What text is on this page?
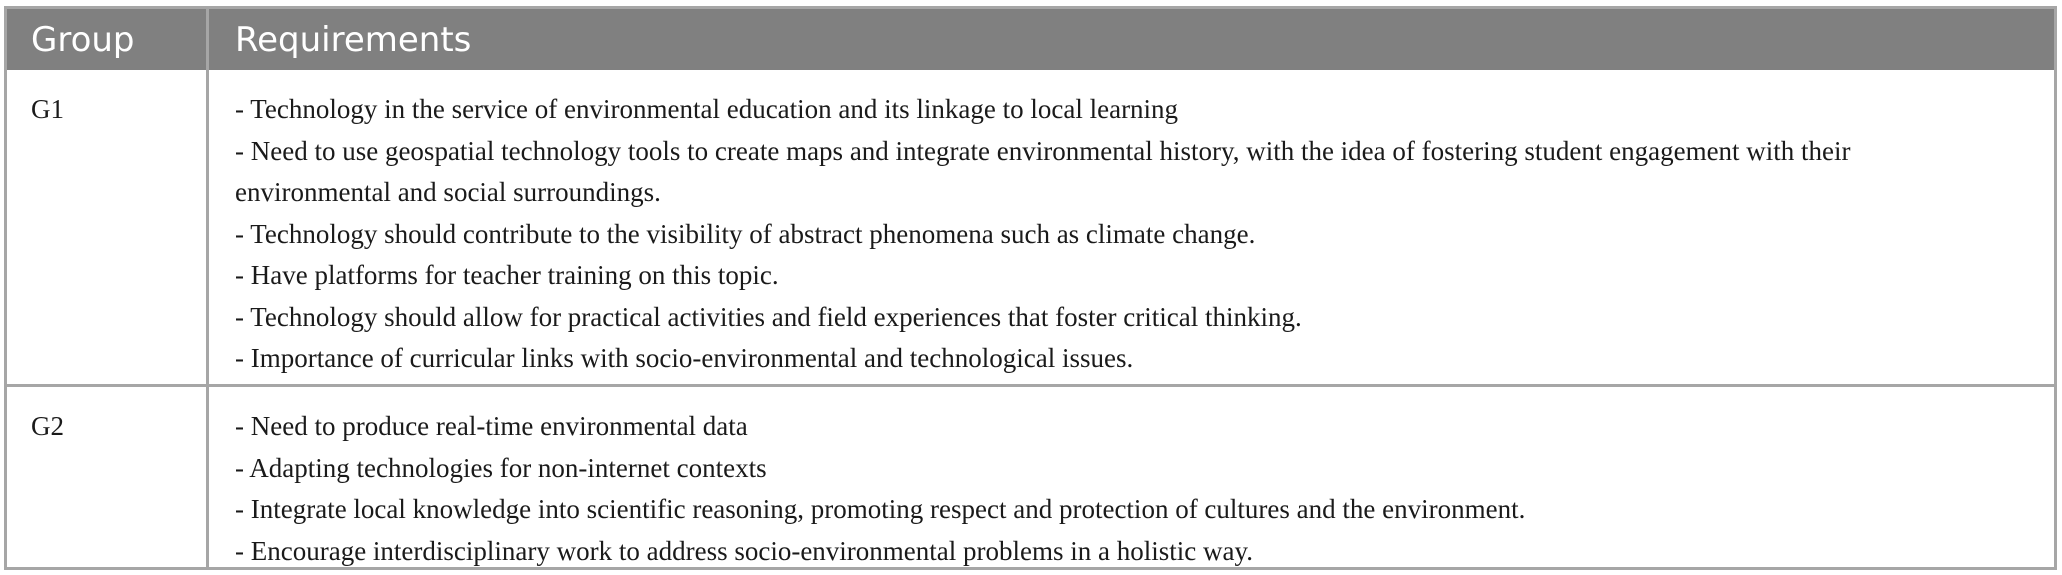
Group	Requirements
G1	- Technology in the service of environmental education and its linkage to local learning
- Need to use geospatial technology tools to create maps and integrate environmental history, with the idea of fostering student engagement with their environmental and social surroundings.
- Technology should contribute to the visibility of abstract phenomena such as climate change.
- Have platforms for teacher training on this topic.
- Technology should allow for practical activities and field experiences that foster critical thinking.
- Importance of curricular links with socio-environmental and technological issues.
G2	- Need to produce real-time environmental data
- Adapting technologies for non-internet contexts
- Integrate local knowledge into scientific reasoning, promoting respect and protection of cultures and the environment.
- Encourage interdisciplinary work to address socio-environmental problems in a holistic way.
